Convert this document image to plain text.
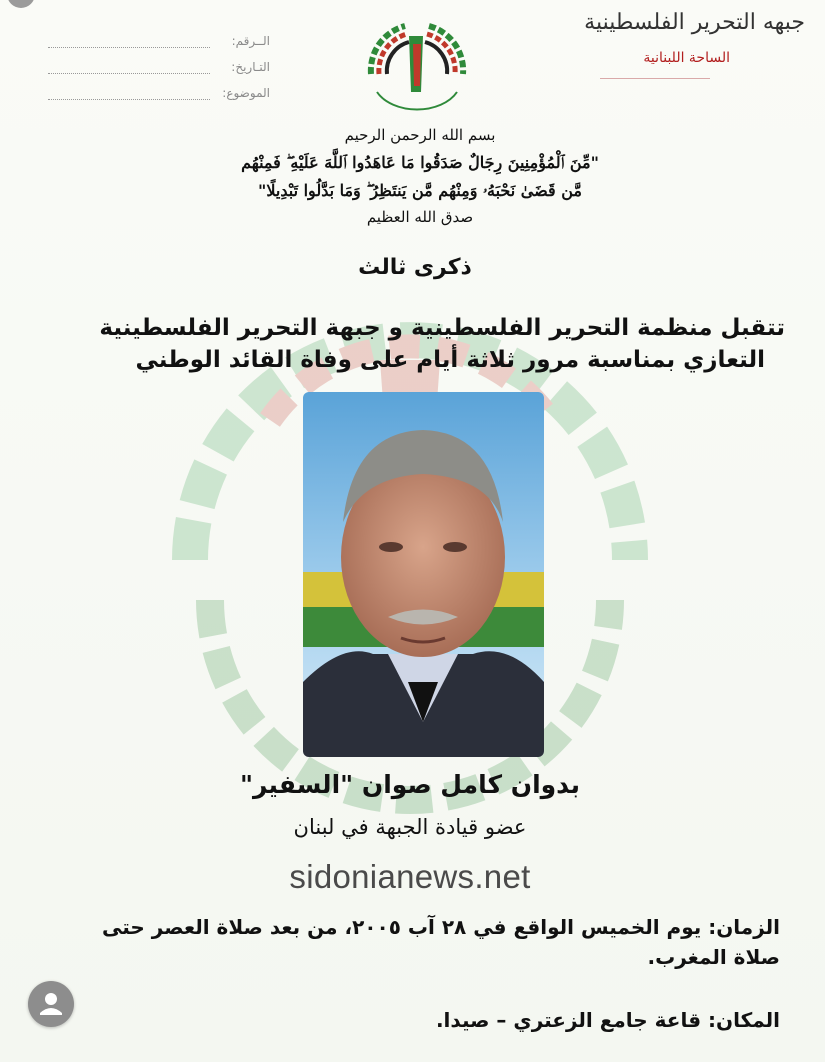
الــرقم:
التـاريخ:
الموضوع:
جبهه التحرير الفلسطينية
الساحة اللبنانية
بسم الله الرحمن الرحيم
"مِّنَ ٱلْمُؤْمِنِينَ رِجَالٌ صَدَقُوا مَا عَاهَدُوا ٱللَّهَ عَلَيْهِ ۖ فَمِنْهُم
مَّن قَضَىٰ نَحْبَهُۥ وَمِنْهُم مَّن يَنتَظِرُ ۖ وَمَا بَدَّلُوا تَبْدِيلًا"
صدق الله العظيم
ذكرى ثالث
تتقبل منظمة التحرير الفلسطينية و جبهة التحرير الفلسطينية
التعازي بمناسبة مرور ثلاثة أيام على وفاة القائد الوطني
بدوان كامل صوان "السفير"
عضو قيادة الجبهة في لبنان
sidonianews.net
الزمان: يوم الخميس الواقع في ٢٨ آب ٢٠٠٥، من بعد صلاة العصر حتى
صلاة المغرب.
المكان: قاعة جامع الزعتري – صيدا.
